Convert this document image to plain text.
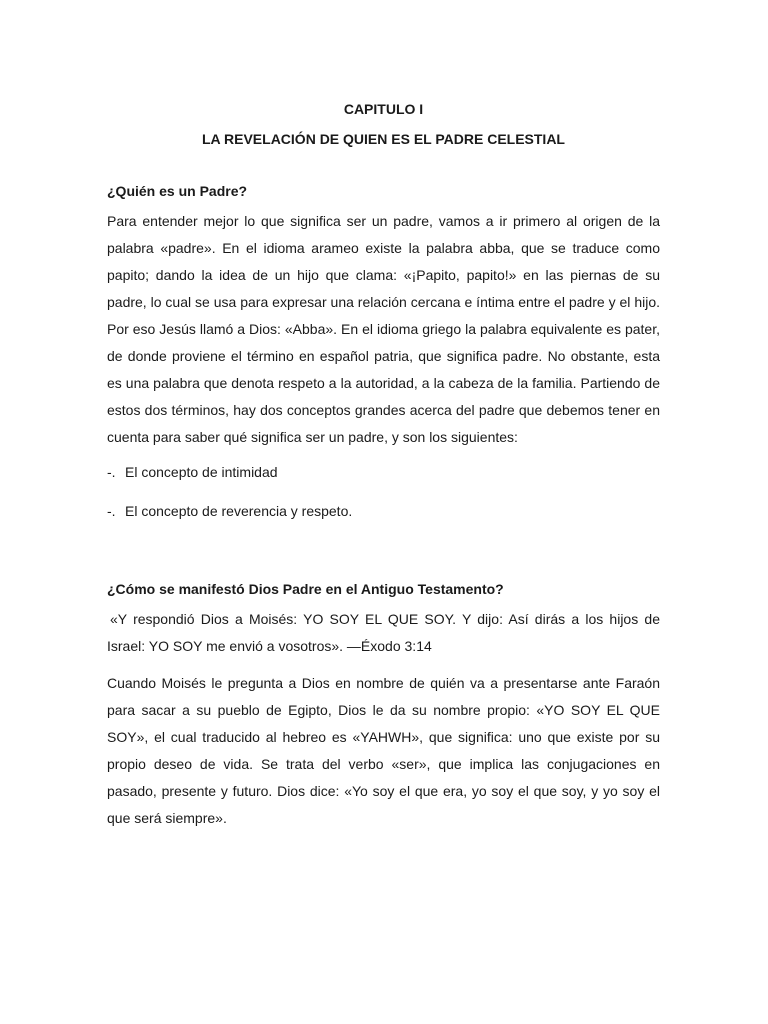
CAPITULO I

LA REVELACIÓN DE QUIEN ES EL PADRE CELESTIAL

¿Quién es un Padre?

Para entender mejor lo que significa ser un padre, vamos a ir primero al origen de la palabra «padre». En el idioma arameo existe la palabra abba, que se traduce como papito; dando la idea de un hijo que clama: «¡Papito, papito!» en las piernas de su padre, lo cual se usa para expresar una relación cercana e íntima entre el padre y el hijo. Por eso Jesús llamó a Dios: «Abba». En el idioma griego la palabra equivalente es pater, de donde proviene el término en español patria, que significa padre. No obstante, esta es una palabra que denota respeto a la autoridad, a la cabeza de la familia. Partiendo de estos dos términos, hay dos conceptos grandes acerca del padre que debemos tener en cuenta para saber qué significa ser un padre, y son los siguientes:

-. El concepto de intimidad

-. El concepto de reverencia y respeto.

¿Cómo se manifestó Dios Padre en el Antiguo Testamento?

«Y respondió Dios a Moisés: YO SOY EL QUE SOY. Y dijo: Así dirás a los hijos de Israel: YO SOY me envió a vosotros». —Éxodo 3:14

Cuando Moisés le pregunta a Dios en nombre de quién va a presentarse ante Faraón para sacar a su pueblo de Egipto, Dios le da su nombre propio: «YO SOY EL QUE SOY», el cual traducido al hebreo es «YAHWH», que significa: uno que existe por su propio deseo de vida. Se trata del verbo «ser», que implica las conjugaciones en pasado, presente y futuro. Dios dice: «Yo soy el que era, yo soy el que soy, y yo soy el que será siempre».
